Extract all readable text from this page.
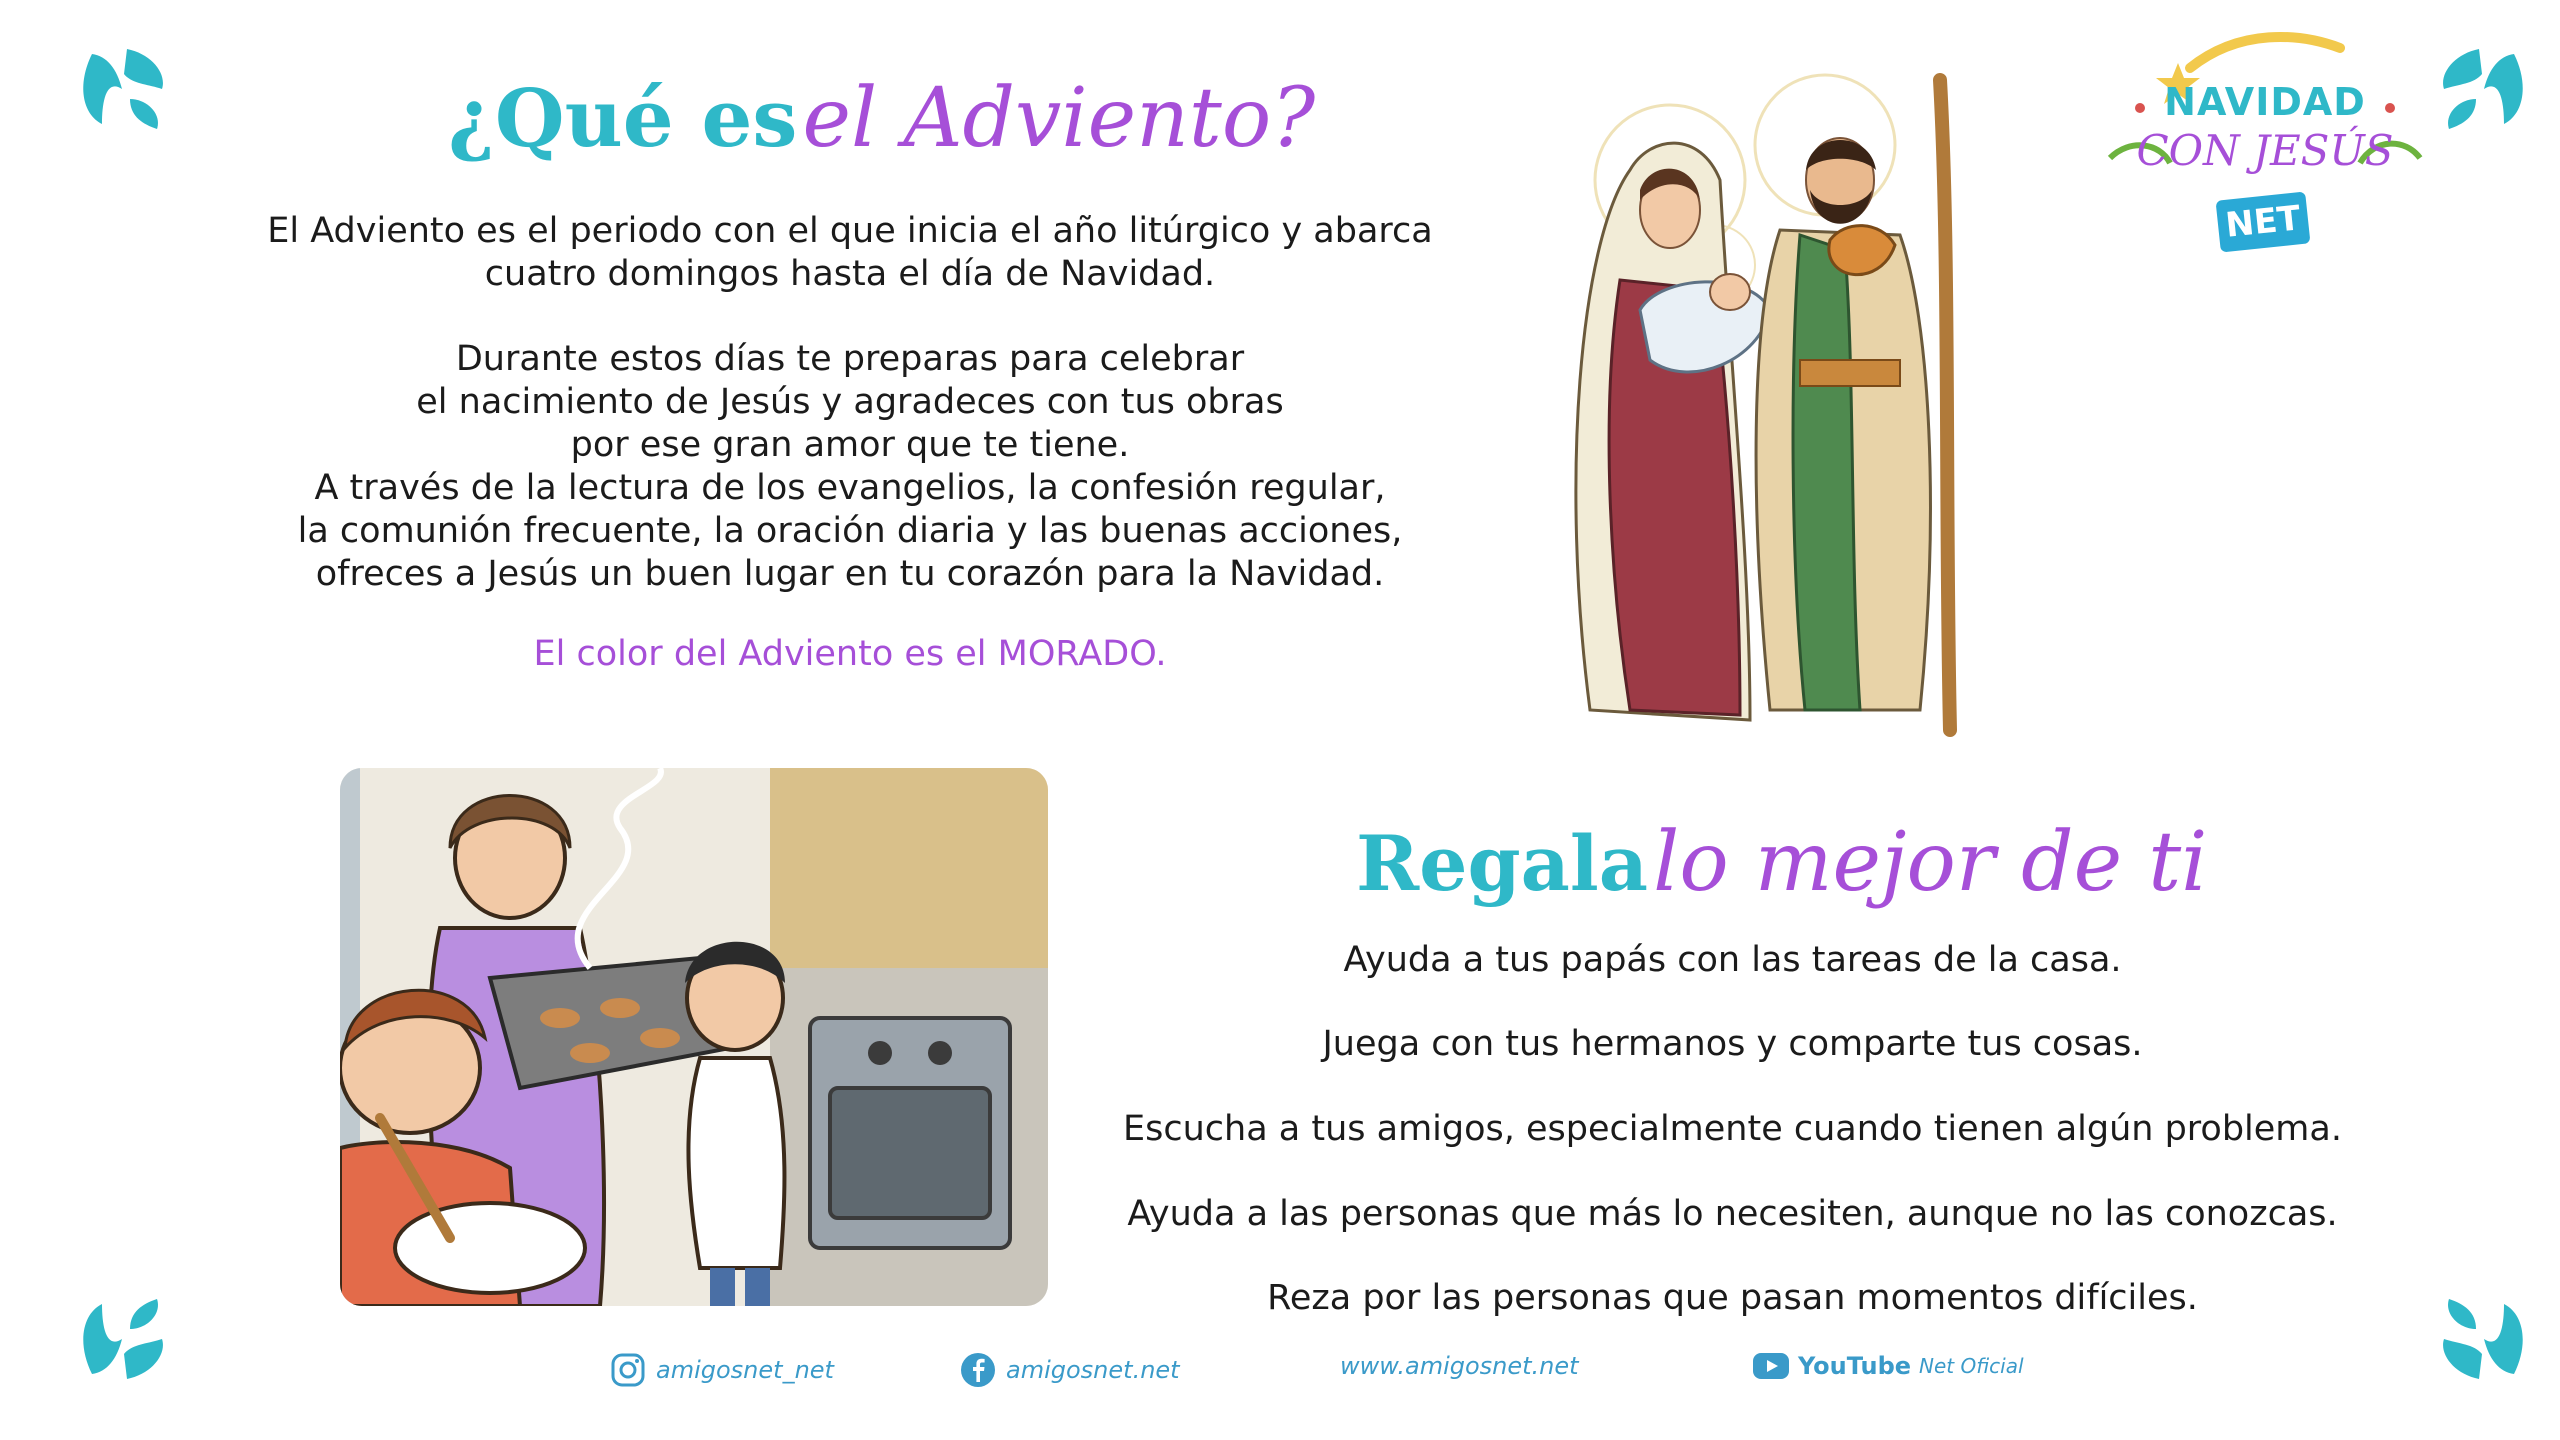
¿Qué es el Adviento?
El Adviento es el periodo con el que inicia el año litúrgico y abarca
cuatro domingos hasta el día de Navidad.
Durante estos días te preparas para celebrar
el nacimiento de Jesús y agradeces con tus obras
por ese gran amor que te tiene.
A través de la lectura de los evangelios, la confesión regular,
la comunión frecuente, la oración diaria y las buenas acciones,
ofreces a Jesús un buen lugar en tu corazón para la Navidad.
El color del Adviento es el MORADO.
NAVIDAD
CON JESÚS
NET
Regala lo mejor de ti
Ayuda a tus papás con las tareas de la casa.
Juega con tus hermanos y comparte tus cosas.
Escucha a tus amigos, especialmente cuando tienen algún problema.
Ayuda a las personas que más lo necesiten, aunque no las conozcas.
Reza por las personas que pasan momentos difíciles.
amigosnet_net	amigosnet.net	www.amigosnet.net	YouTube Net Oficial
